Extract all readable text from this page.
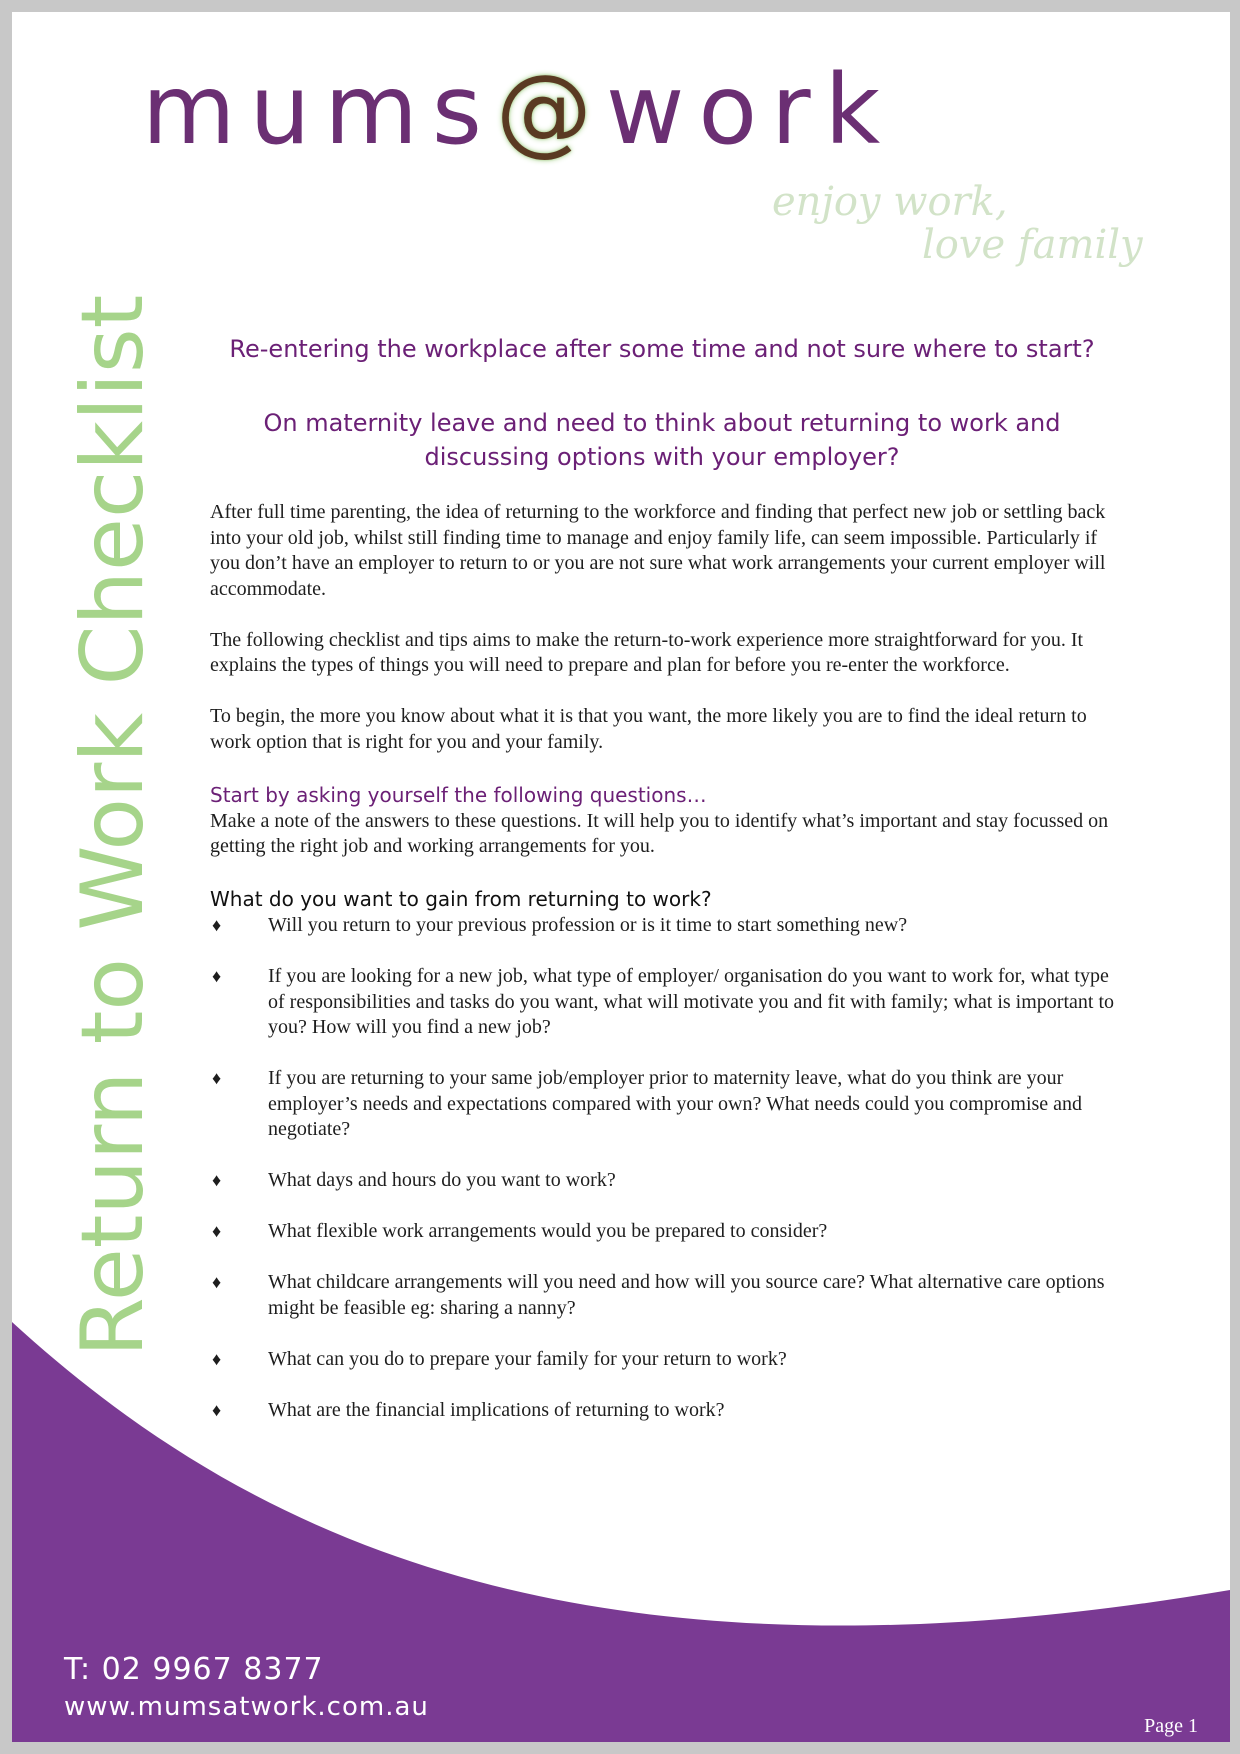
mums@work
enjoy work,
love family
Return to Work Checklist	Re-entering the workplace after some time and not sure where to start?
On maternity leave and need to think about returning to work and discussing options with your employer?

After full time parenting, the idea of returning to the workforce and finding that perfect new job or settling back into your old job, whilst still finding time to manage and enjoy family life, can seem impossible. Particularly if you don’t have an employer to return to or you are not sure what work arrangements your current employer will accommodate.

The following checklist and tips aims to make the return-to-work experience more straightforward for you. It explains the types of things you will need to prepare and plan for before you re-enter the workforce.

To begin, the more you know about what it is that you want, the more likely you are to find the ideal return to work option that is right for you and your family.

Start by asking yourself the following questions…

Make a note of the answers to these questions. It will help you to identify what’s important and stay focussed on getting the right job and working arrangements for you.

What do you want to gain from returning to work?
♦ Will you return to your previous profession or is it time to start something new?
♦ If you are looking for a new job, what type of employer/ organisation do you want to work for, what type of responsibilities and tasks do you want, what will motivate you and fit with family; what is important to you? How will you find a new job?
♦ If you are returning to your same job/employer prior to maternity leave, what do you think are your employer’s needs and expectations compared with your own? What needs could you compromise and negotiate?
♦ What days and hours do you want to work?
♦ What flexible work arrangements would you be prepared to consider?
♦ What childcare arrangements will you need and how will you source care? What alternative care options might be feasible eg: sharing a nanny?
♦ What can you do to prepare your family for your return to work?
♦ What are the financial implications of returning to work?
T: 02 9967 8377
www.mumsatwork.com.au
Page 1
